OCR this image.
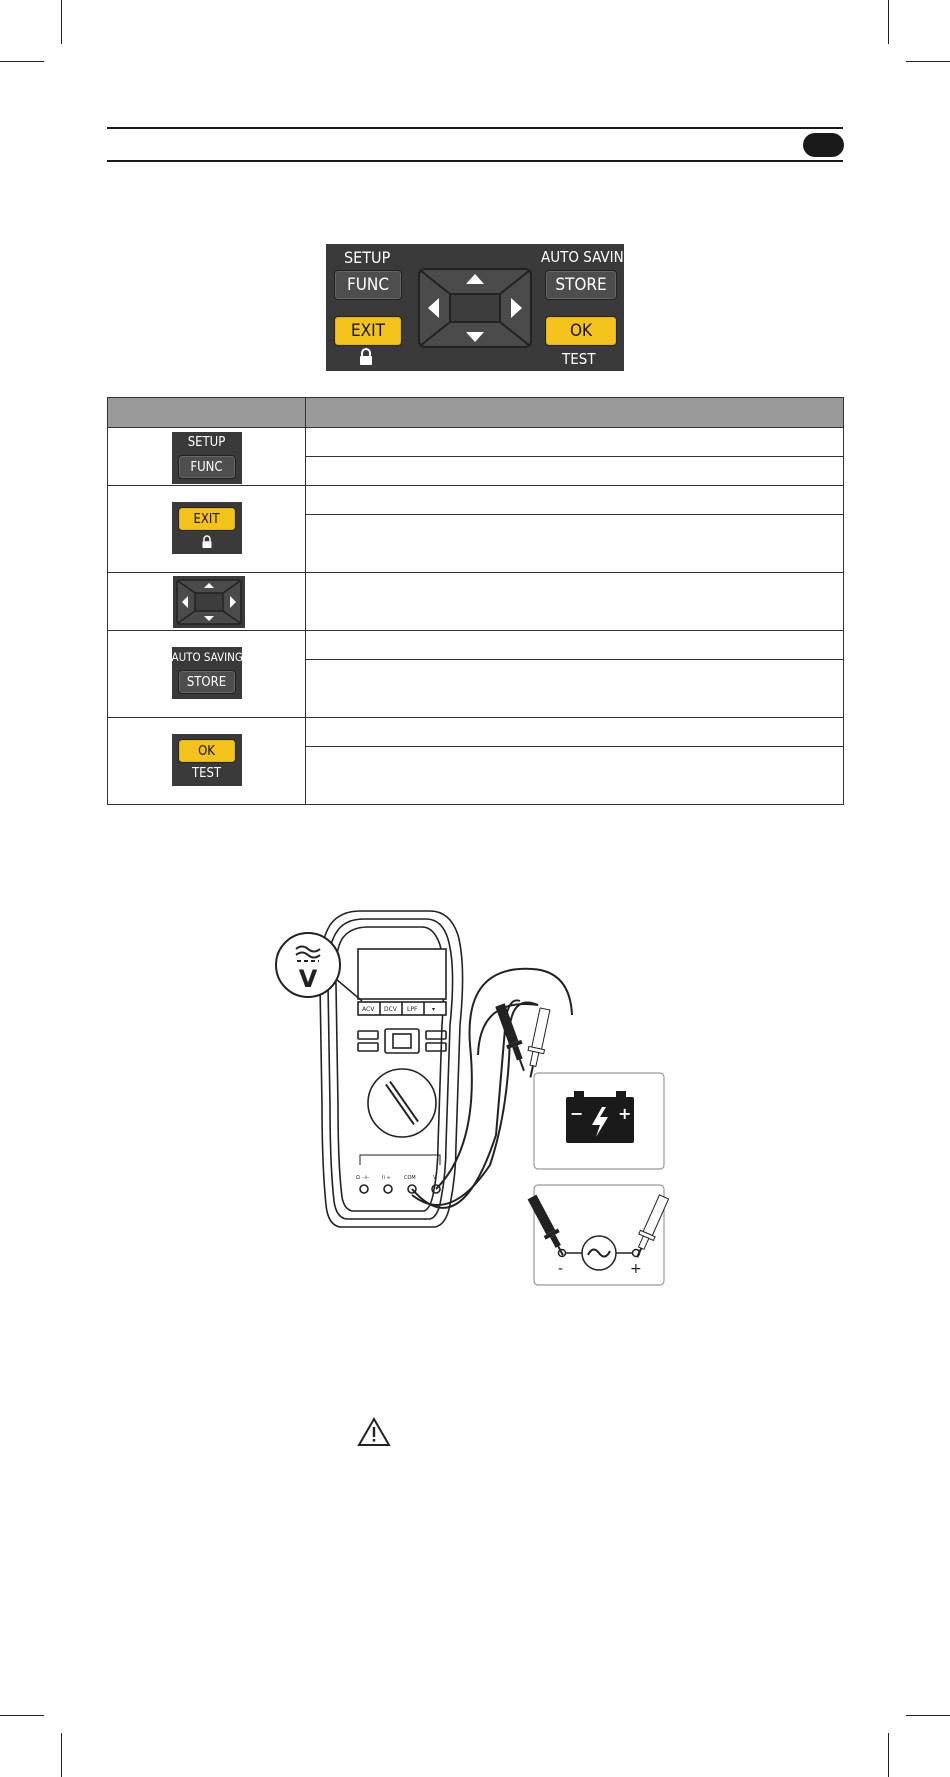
SETUP
FUNC
EXIT
AUTO SAVING
STORE
OK
TEST

SETUP
FUNC	

EXIT	

AUTO SAVING
STORE	

OK
TEST	

ACV DCV LPF ▾
Ω ⊣⊢ Ii ≈	COM	V
V
− +
-	+
